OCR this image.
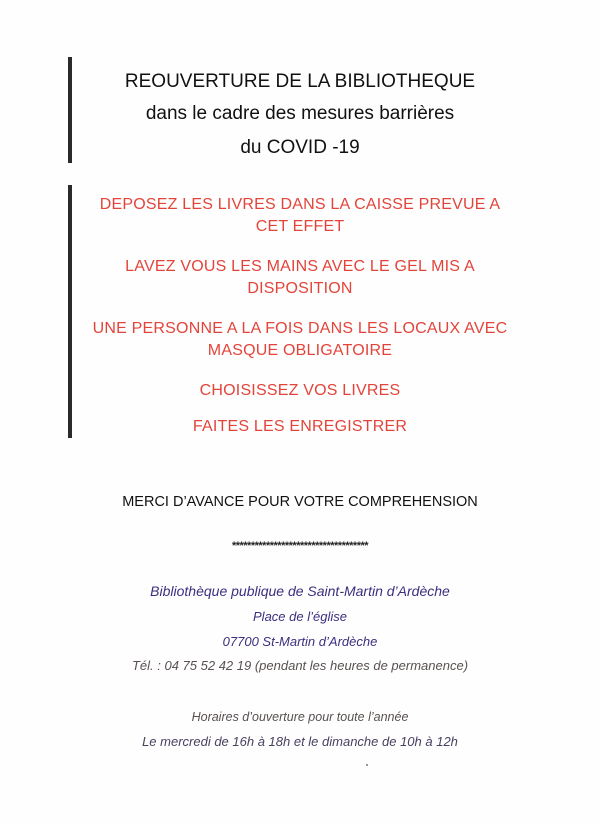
REOUVERTURE DE LA BIBLIOTHEQUE
dans le cadre des mesures barrières
du COVID -19
DEPOSEZ LES LIVRES DANS LA CAISSE PREVUE A
CET EFFET
LAVEZ VOUS LES MAINS AVEC LE GEL MIS A
DISPOSITION
UNE PERSONNE A LA FOIS DANS LES LOCAUX AVEC
MASQUE OBLIGATOIRE
CHOISISSEZ VOS LIVRES
FAITES LES ENREGISTRER
MERCI D’AVANCE POUR VOTRE COMPREHENSION
************************************
Bibliothèque publique de Saint-Martin d’Ardèche
Place de l’église
07700 St-Martin d’Ardèche
Tél. : 04 75 52 42 19 (pendant les heures de permanence)
Horaires d’ouverture pour toute l’année
Le mercredi de 16h à 18h et le dimanche de 10h à 12h
